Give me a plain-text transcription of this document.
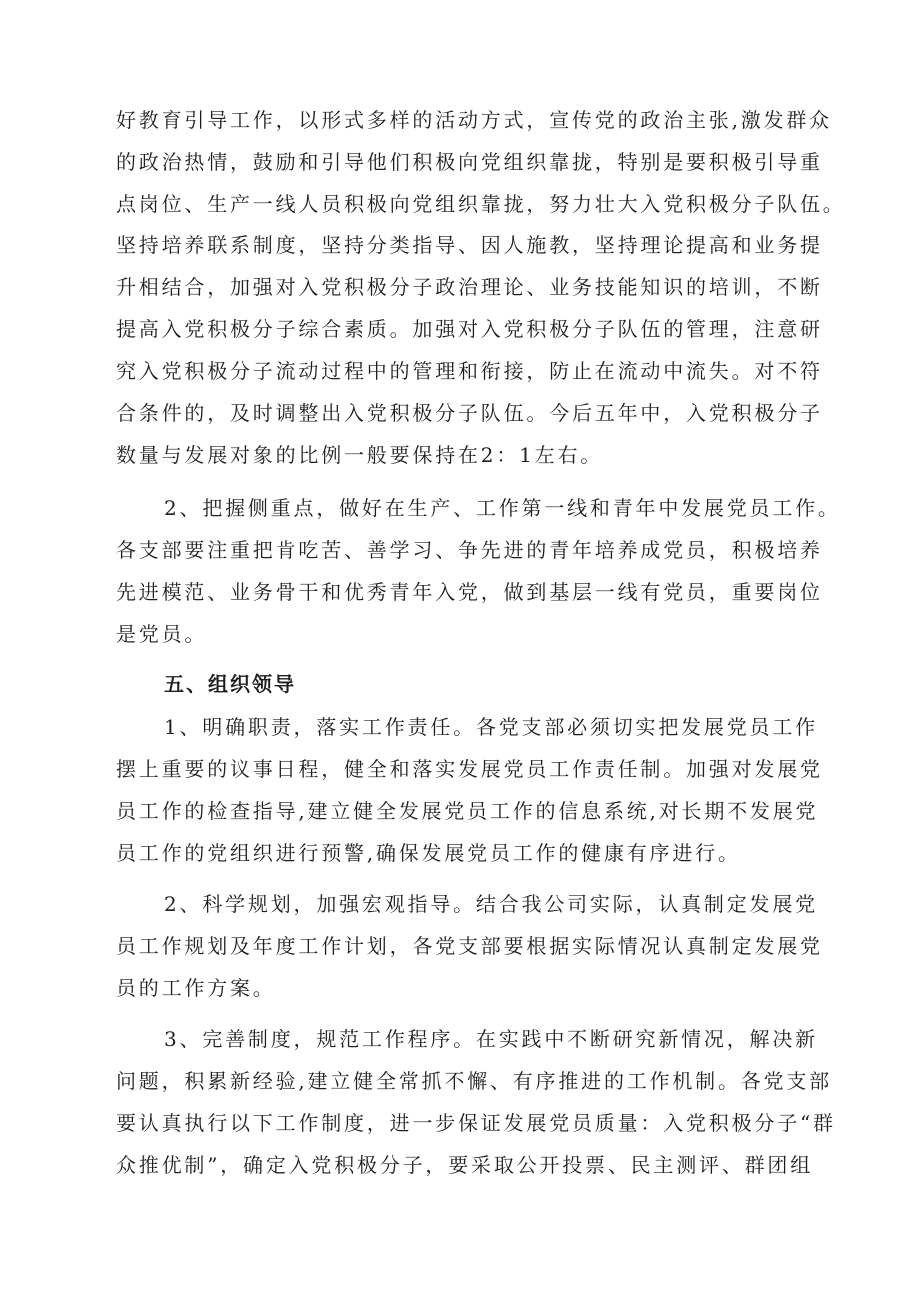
好教育引导工作，以形式多样的活动方式，宣传党的政治主张,激发群众
的政治热情，鼓励和引导他们积极向党组织靠拢，特别是要积极引导重
点岗位、生产一线人员积极向党组织靠拢，努力壮大入党积极分子队伍。
坚持培养联系制度，坚持分类指导、因人施教，坚持理论提高和业务提
升相结合，加强对入党积极分子政治理论、业务技能知识的培训，不断
提高入党积极分子综合素质。加强对入党积极分子队伍的管理，注意研
究入党积极分子流动过程中的管理和衔接，防止在流动中流失。对不符
合条件的，及时调整出入党积极分子队伍。今后五年中，入党积极分子
数量与发展对象的比例一般要保持在2：1左右。
2、把握侧重点，做好在生产、工作第一线和青年中发展党员工作。
各支部要注重把肯吃苦、善学习、争先进的青年培养成党员，积极培养
先进模范、业务骨干和优秀青年入党，做到基层一线有党员，重要岗位
是党员。
五、组织领导
1、明确职责，落实工作责任。各党支部必须切实把发展党员工作
摆上重要的议事日程，健全和落实发展党员工作责任制。加强对发展党
员工作的检查指导,建立健全发展党员工作的信息系统,对长期不发展党
员工作的党组织进行预警,确保发展党员工作的健康有序进行。
2、科学规划，加强宏观指导。结合我公司实际，认真制定发展党
员工作规划及年度工作计划，各党支部要根据实际情况认真制定发展党
员的工作方案。
3、完善制度，规范工作程序。在实践中不断研究新情况，解决新
问题，积累新经验,建立健全常抓不懈、有序推进的工作机制。各党支部
要认真执行以下工作制度，进一步保证发展党员质量：入党积极分子“群
众推优制”，确定入党积极分子，要采取公开投票、民主测评、群团组
